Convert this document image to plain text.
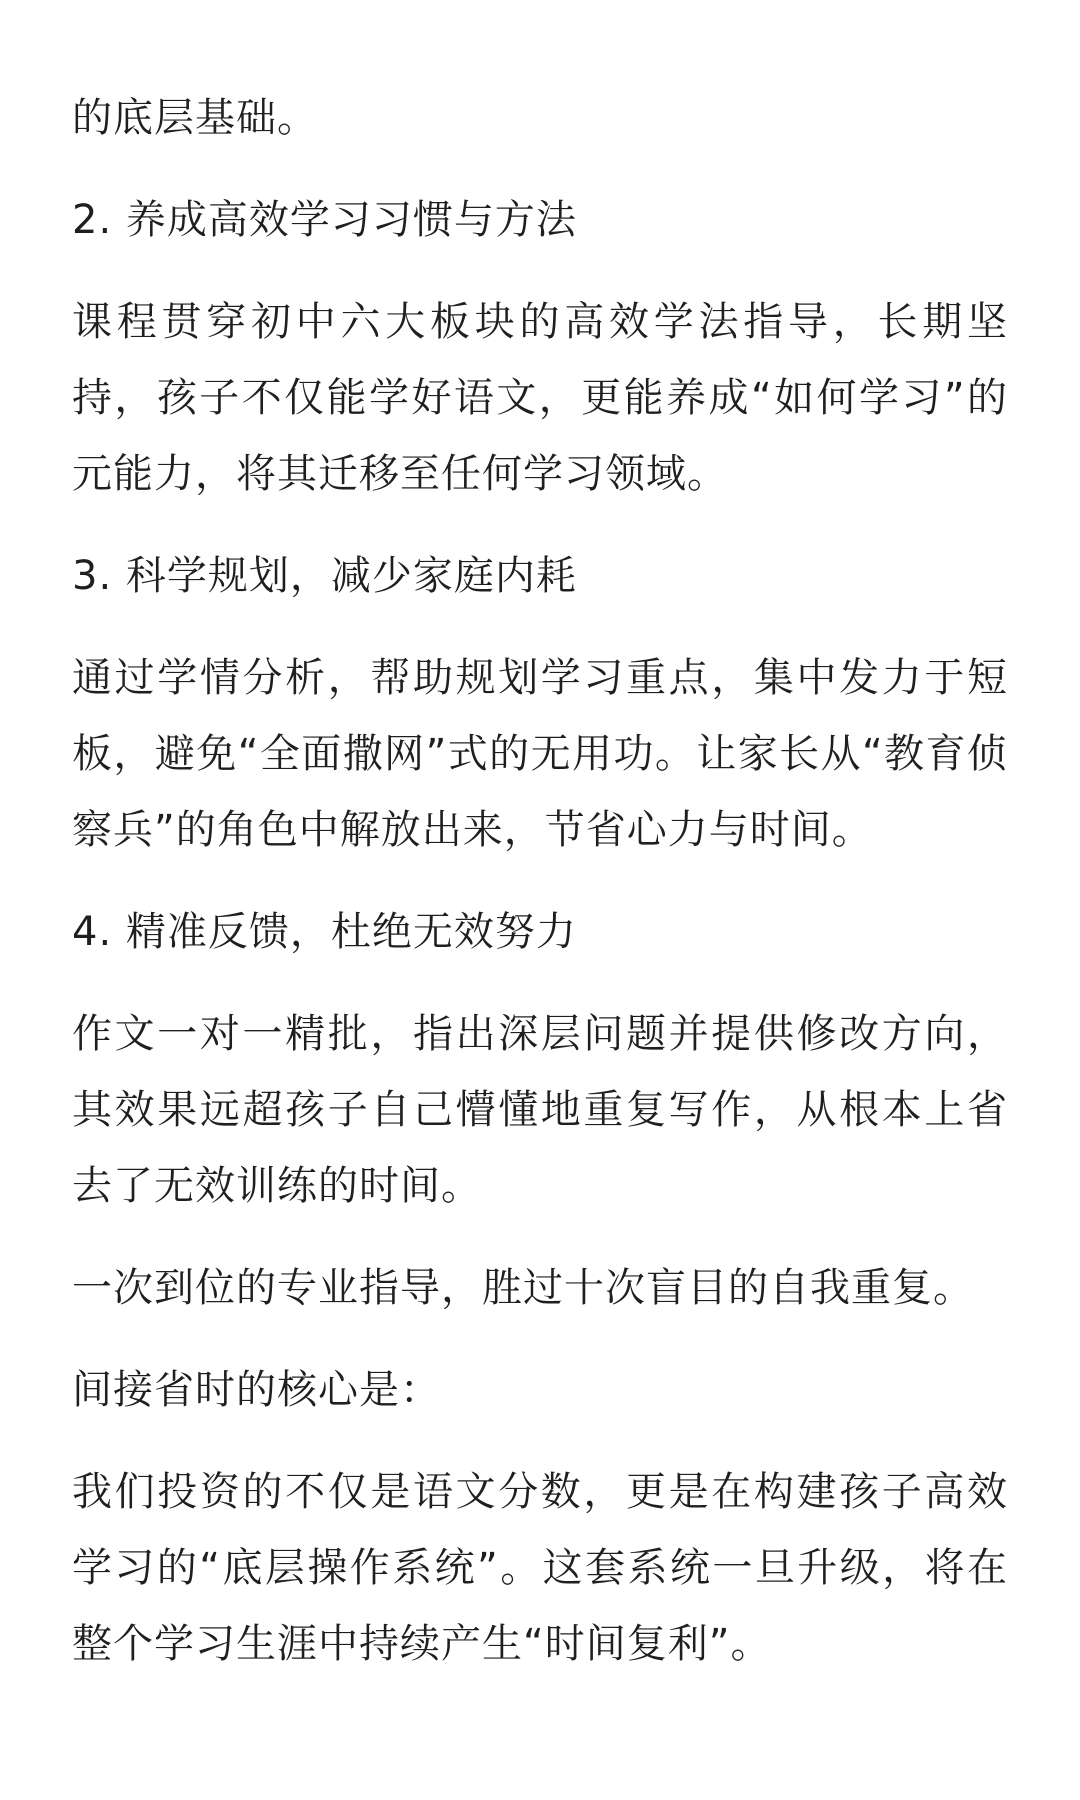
的底层基础。

2. 养成高效学习习惯与方法

课程贯穿初中六大板块的高效学法指导，长期坚持，孩子不仅能学好语文，更能养成“如何学习”的元能力，将其迁移至任何学习领域。

3. 科学规划，减少家庭内耗

通过学情分析，帮助规划学习重点，集中发力于短板，避免“全面撒网”式的无用功。让家长从“教育侦察兵”的角色中解放出来，节省心力与时间。

4. 精准反馈，杜绝无效努力

作文一对一精批，指出深层问题并提供修改方向，其效果远超孩子自己懵懂地重复写作，从根本上省去了无效训练的时间。

一次到位的专业指导，胜过十次盲目的自我重复。

间接省时的核心是：

我们投资的不仅是语文分数，更是在构建孩子高效学习的“底层操作系统”。这套系统一旦升级，将在整个学习生涯中持续产生“时间复利”。
